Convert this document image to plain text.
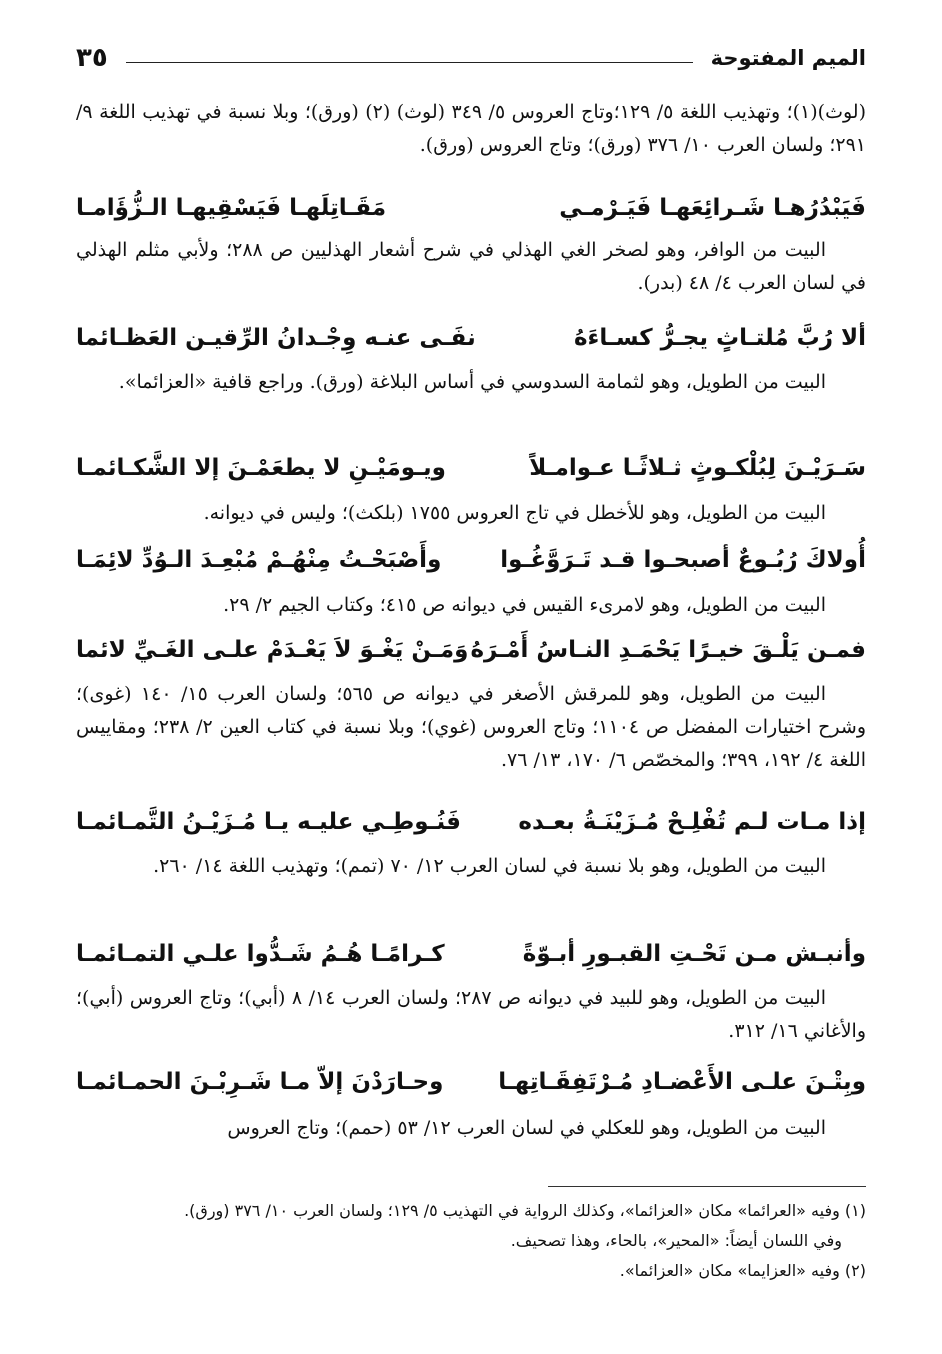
الميم المفتوحة
٣٥
(لوث)(١)؛ وتهذيب اللغة ٥/ ١٢٩؛وتاج العروس ٥/ ٣٤٩ (لوث) (٢) (ورق)؛ وبلا نسبة في تهذيب اللغة ٩/ ٢٩١؛ ولسان العرب ١٠/ ٣٧٦ (ورق)؛ وتاج العروس (ورق).
فَيَبْدُرُهـا شَـرائِعَهـا فَيَـرْمـي
مَقَـاتِلَهـا فَيَسْقِيهـا الـزُّؤَامـا
البيت من الوافر، وهو لصخر الغي الهذلي في شرح أشعار الهذليين ص ٢٨٨؛ ولأبي مثلم الهذلي في لسان العرب ٤/ ٤٨ (بدر).
ألا رُبَّ مُلتـاثٍ يجـرُّ كسـاءَهُ
نفَـى عنـه وِجْـدانُ الرِّقيـن العَظـائما
البيت من الطويل، وهو لثمامة السدوسي في أساس البلاغة (ورق). وراجع قافية «العزائما».
سَـرَيْـنَ لِبُلْكـوثٍ ثـلاثًـا عـوامـلاً
ويـومَيْـنِ لا يطعَمْـنَ إلا الشَّكـائمـا
البيت من الطويل، وهو للأخطل في تاج العروس ١٧٥٥ (بلكث)؛ وليس في ديوانه.
أُولاكَ رُبُـوعٌ أصبحـوا قـد تَـرَوَّغُـوا
وأَصْبَحْـتُ مِنْهُـمْ مُبْعِـدَ الـوُدِّ لائِمَـا
البيت من الطويل، وهو لامرىء القيس في ديوانه ص ٤١٥؛ وكتاب الجيم ٢/ ٢٩.
فمـن يَلْـقَ خيـرًا يَحْمَـدِ النـاسُ أَمْـرَهُ
وَمَـنْ يَغْـوَ لاَ يَعْـدَمْ علـى الغَـيِّ لائما
البيت من الطويل، وهو للمرقش الأصغر في ديوانه ص ٥٦٥؛ ولسان العرب ١٥/ ١٤٠ (غوى)؛ وشرح اختيارات المفضل ص ١١٠٤؛ وتاج العروس (غوي)؛ وبلا نسبة في كتاب العين ٢/ ٢٣٨؛ ومقاييس اللغة ٤/ ١٩٢، ٣٩٩؛ والمخصّص ٦/ ١٧٠، ١٣/ ٧٦.
إذا مـات لـم تُفْلِـحْ مُـزَيْنَـةُ بعـده
فَنُـوطِـي عليـه يـا مُـزَيْـنُ التَّمـائمـا
البيت من الطويل، وهو بلا نسبة في لسان العرب ١٢/ ٧٠ (تمم)؛ وتهذيب اللغة ١٤/ ٢٦٠.
وأنبـش مـن تَحْـتِ القبـورِ أبـوّةً
كـرامًـا هُـمُ شَـدُّوا علـي التمـائمـا
البيت من الطويل، وهو للبيد في ديوانه ص ٢٨٧؛ ولسان العرب ١٤/ ٨ (أبي)؛ وتاج العروس (أبي)؛ والأغاني ١٦/ ٣١٢.
وبِتْـنَ علـى الأَعْضـادِ مُـرْتَفِقَـاتِهـا
وحـارَدْنَ إلاّ مـا شَـرِبْـنَ الحمـائمـا
البيت من الطويل، وهو للعكلي في لسان العرب ١٢/ ٥٣ (حمم)؛ وتاج العروس

(١) وفيه «العرائما» مكان «العزائما»، وكذلك الرواية في التهذيب ٥/ ١٢٩؛ ولسان العرب ١٠/ ٣٧٦ (ورق).

وفي اللسان أيضاً: «المحير»، بالحاء، وهذا تصحيف.

(٢) وفيه «العزايما» مكان «العزائما».
